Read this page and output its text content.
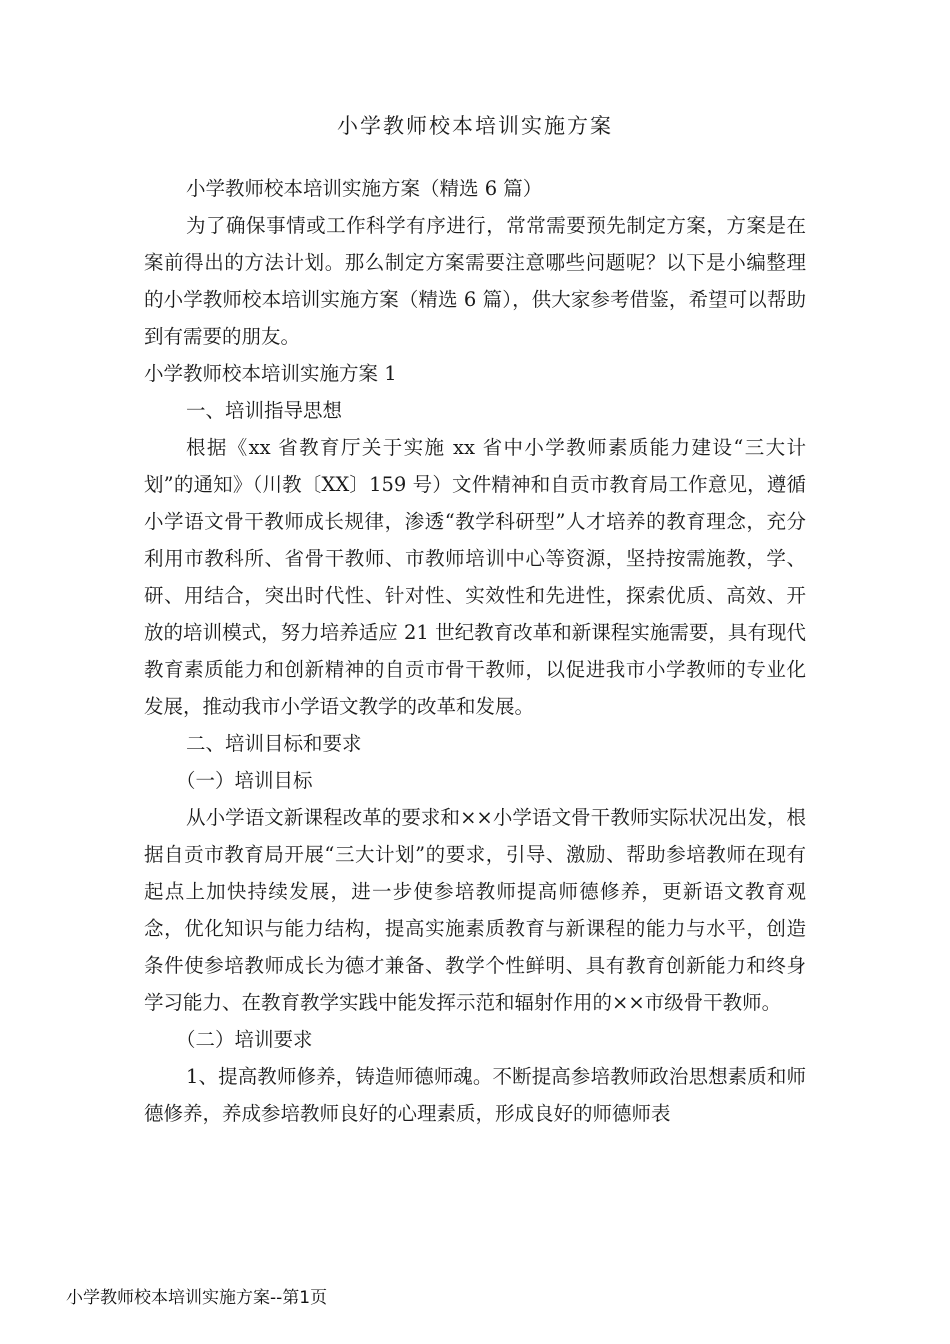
小学教师校本培训实施方案

小学教师校本培训实施方案（精选 6 篇）

为了确保事情或工作科学有序进行，常常需要预先制定方案，方案是在案前得出的方法计划。那么制定方案需要注意哪些问题呢？以下是小编整理的小学教师校本培训实施方案（精选 6 篇），供大家参考借鉴，希望可以帮助到有需要的朋友。

小学教师校本培训实施方案 1

一、培训指导思想

根据《xx 省教育厅关于实施 xx 省中小学教师素质能力建设“三大计划”的通知》（川教〔XX〕159 号）文件精神和自贡市教育局工作意见，遵循小学语文骨干教师成长规律，渗透“教学科研型”人才培养的教育理念，充分利用市教科所、省骨干教师、市教师培训中心等资源，坚持按需施教，学、研、用结合，突出时代性、针对性、实效性和先进性，探索优质、高效、开放的培训模式，努力培养适应 21 世纪教育改革和新课程实施需要，具有现代教育素质能力和创新精神的自贡市骨干教师，以促进我市小学教师的专业化发展，推动我市小学语文教学的改革和发展。

二、培训目标和要求

（一）培训目标

从小学语文新课程改革的要求和××小学语文骨干教师实际状况出发，根据自贡市教育局开展“三大计划”的要求，引导、激励、帮助参培教师在现有起点上加快持续发展，进一步使参培教师提高师德修养，更新语文教育观念，优化知识与能力结构，提高实施素质教育与新课程的能力与水平，创造条件使参培教师成长为德才兼备、教学个性鲜明、具有教育创新能力和终身学习能力、在教育教学实践中能发挥示范和辐射作用的××市级骨干教师。

（二）培训要求

1、提高教师修养，铸造师德师魂。不断提高参培教师政治思想素质和师德修养，养成参培教师良好的心理素质，形成良好的师德师表

小学教师校本培训实施方案--第1页
